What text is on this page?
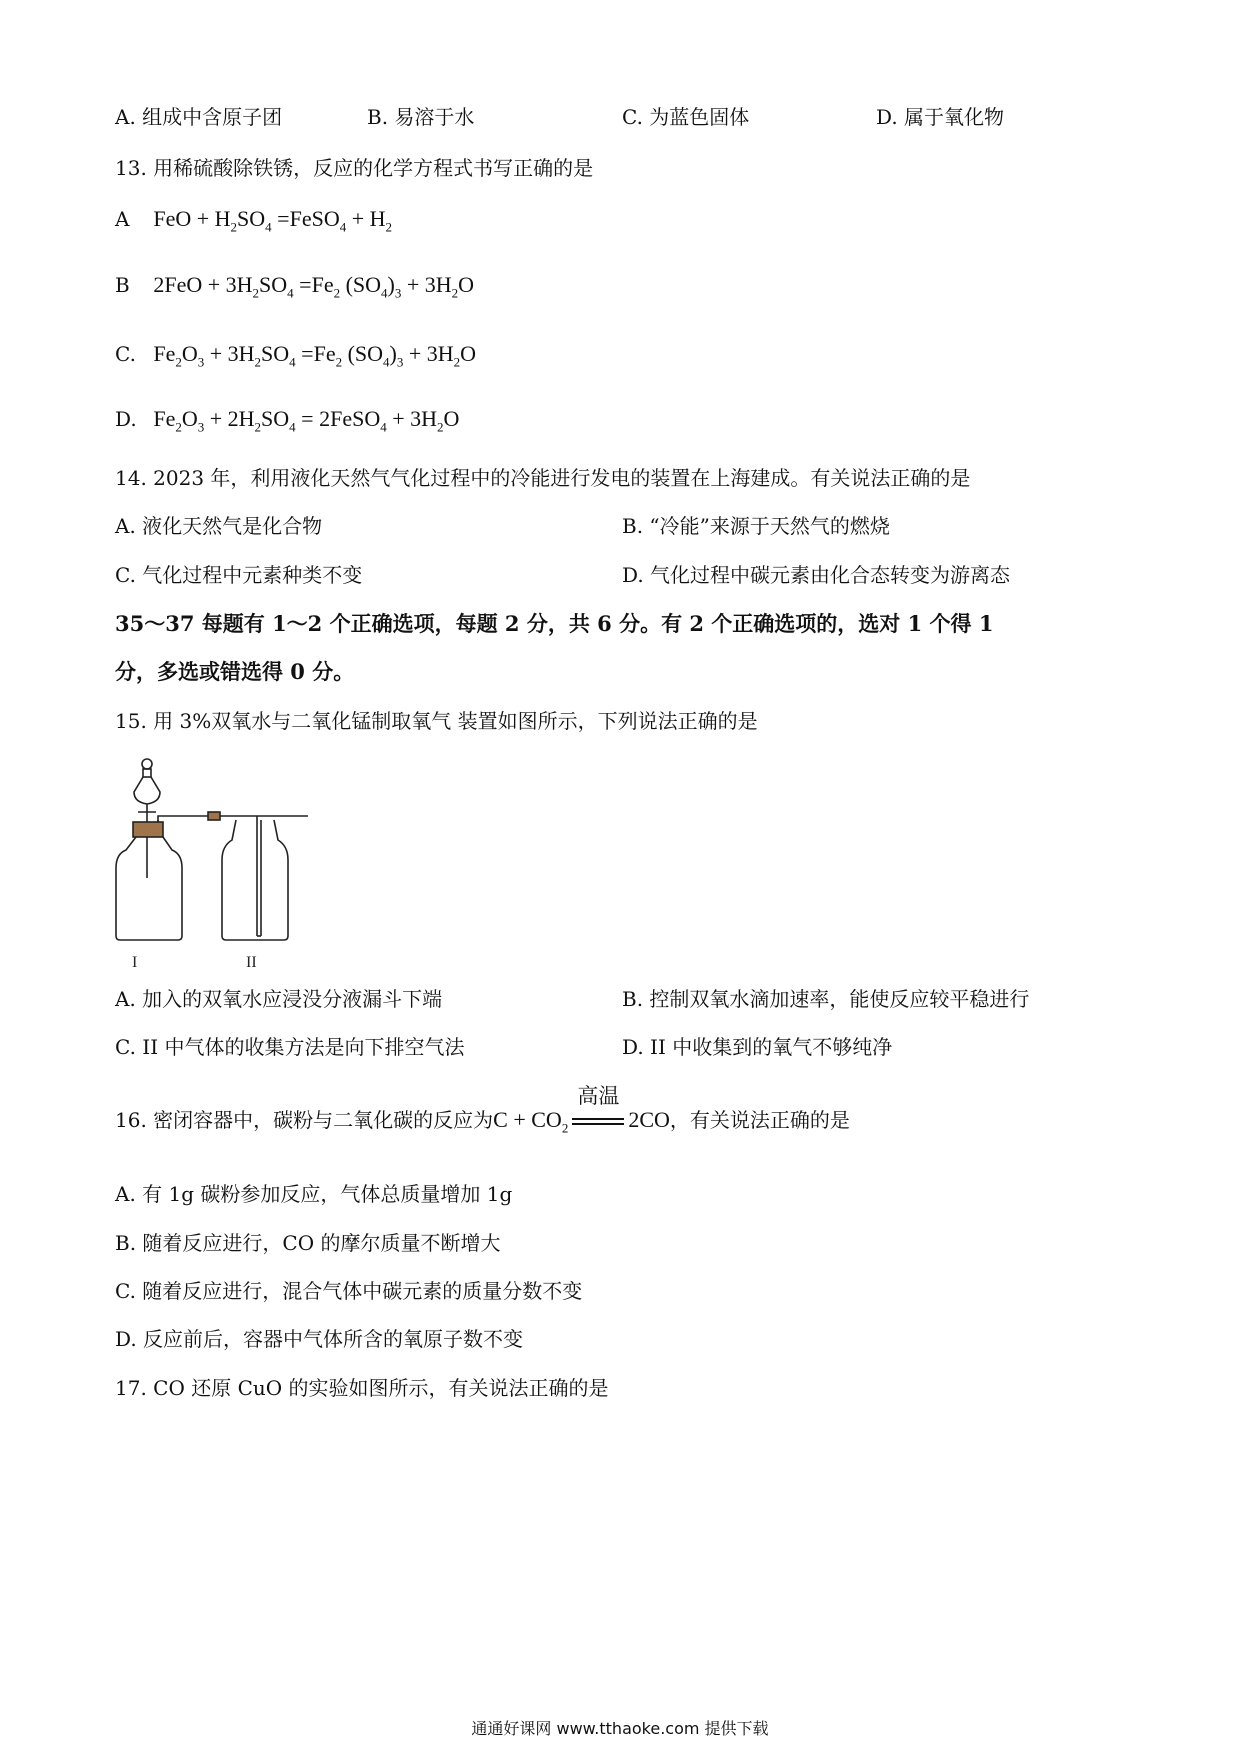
A. 组成中含原子团	B. 易溶于水	C. 为蓝色固体	D. 属于氧化物
13. 用稀硫酸除铁锈，反应的化学方程式书写正确的是
A FeO + $H_2SO_4$ =FeSO$_4$ + $H_2$
B $2FeO + 3H_2SO_4 =Fe_2$ $(SO_4)_3 + 3H_2O$
C. $Fe_2O_3 + 3H_2SO_4 =Fe_2$ $(SO_4)_3 + 3H_2O$
D. $Fe_2O_3 + 2H_2SO_4$ = 2FeSO$_4$ + $3H_2O$
14. 2023 年，利用液化天然气气化过程中的冷能进行发电的装置在上海建成。有关说法正确的是
A. 液化天然气是化合物	B. “冷能”来源于天然气的燃烧
C. 气化过程中元素种类不变	D. 气化过程中碳元素由化合态转变为游离态
35～37 每题有 1～2 个正确选项，每题 2 分，共 6 分。有 2 个正确选项的，选对 1 个得 1
分，多选或错选得 0 分。
15. 用 3%双氧水与二氧化锰制取氧气 装置如图所示，下列说法正确的是
I	II
A. 加入的双氧水应浸没分液漏斗下端	B. 控制双氧水滴加速率，能使反应较平稳进行
C. II 中气体的收集方法是向下排空气法	D. II 中收集到的氧气不够纯净
16. 密闭容器中，碳粉与二氧化碳的反应为$C + CO_2$
高温
2CO，有关说法正确的是
A. 有 1g 碳粉参加反应，气体总质量增加 1g
B. 随着反应进行，CO 的摩尔质量不断增大
C. 随着反应进行，混合气体中碳元素的质量分数不变
D. 反应前后，容器中气体所含的氧原子数不变
17. CO 还原 CuO 的实验如图所示，有关说法正确的是
通通好课网 www.tthaoke.com 提供下载
